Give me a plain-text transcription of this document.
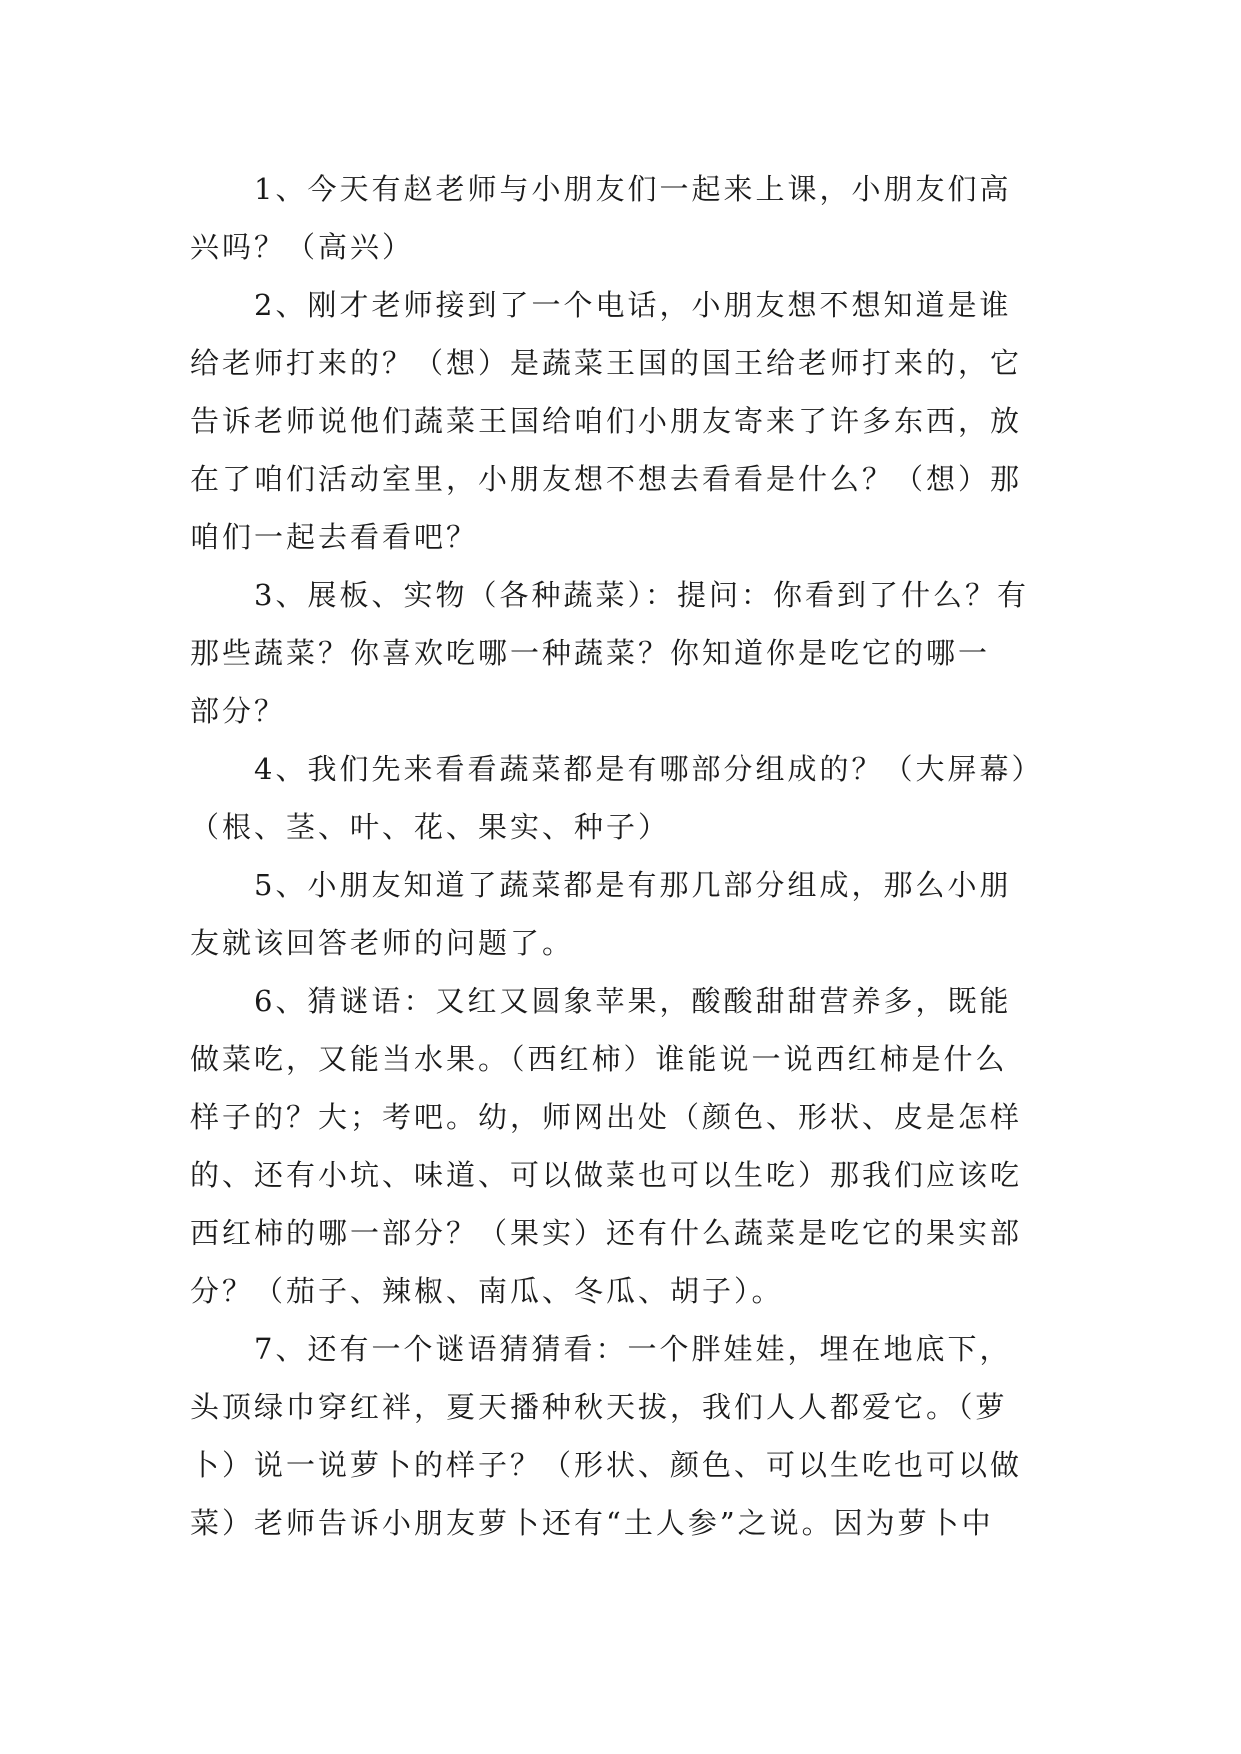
1、今天有赵老师与小朋友们一起来上课，小朋友们高
兴吗？（高兴）
2、刚才老师接到了一个电话，小朋友想不想知道是谁
给老师打来的？（想）是蔬菜王国的国王给老师打来的，它
告诉老师说他们蔬菜王国给咱们小朋友寄来了许多东西，放
在了咱们活动室里，小朋友想不想去看看是什么？（想）那
咱们一起去看看吧？
3、展板、实物（各种蔬菜）：提问：你看到了什么？有
那些蔬菜？你喜欢吃哪一种蔬菜？你知道你是吃它的哪一
部分？
4、我们先来看看蔬菜都是有哪部分组成的？（大屏幕）
（根、茎、叶、花、果实、种子）
5、小朋友知道了蔬菜都是有那几部分组成，那么小朋
友就该回答老师的问题了。
6、猜谜语：又红又圆象苹果，酸酸甜甜营养多，既能
做菜吃，又能当水果。（西红柿）谁能说一说西红柿是什么
样子的？大；考吧。幼，师网出处（颜色、形状、皮是怎样
的、还有小坑、味道、可以做菜也可以生吃）那我们应该吃
西红柿的哪一部分？（果实）还有什么蔬菜是吃它的果实部
分？（茄子、辣椒、南瓜、冬瓜、胡子）。
7、还有一个谜语猜猜看：一个胖娃娃，埋在地底下，
头顶绿巾穿红袢，夏天播种秋天拔，我们人人都爱它。（萝
卜）说一说萝卜的样子？（形状、颜色、可以生吃也可以做
菜）老师告诉小朋友萝卜还有“土人参”之说。因为萝卜中
